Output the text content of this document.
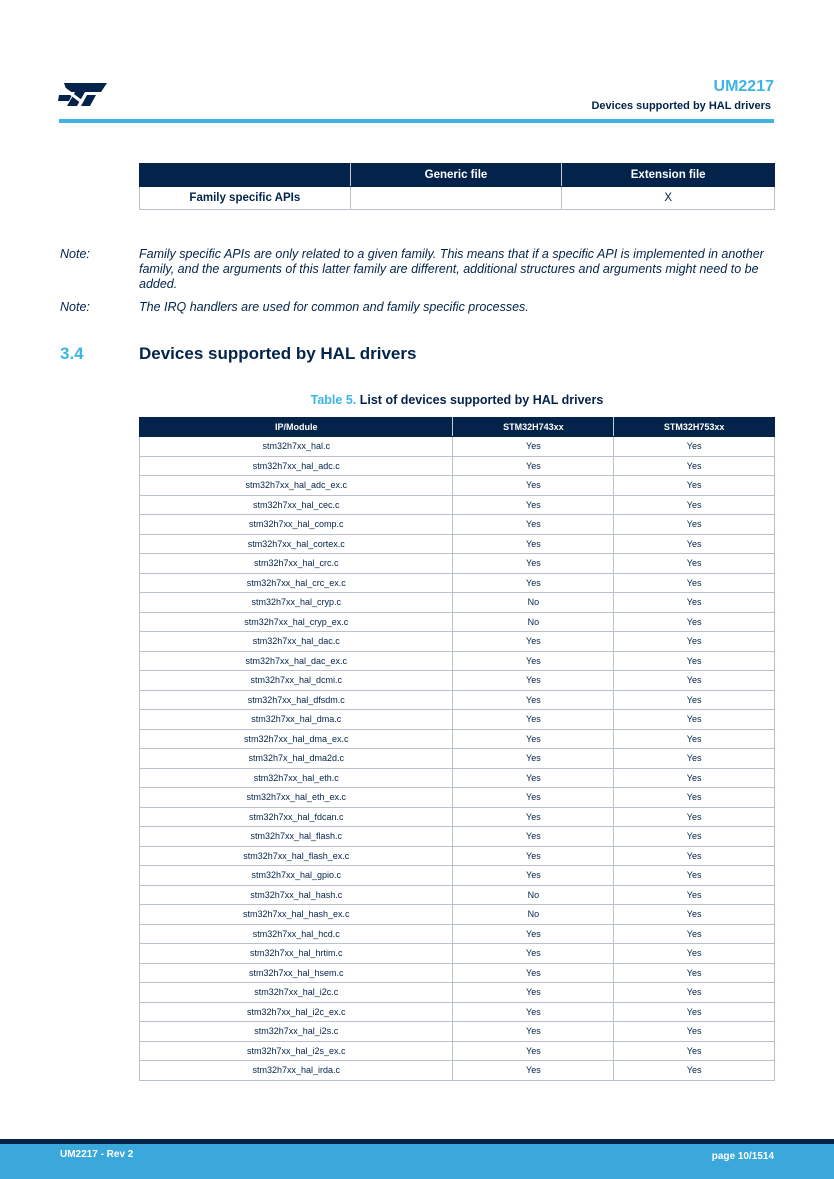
UM2217
Devices supported by HAL drivers
	Generic file	Extension file
Family specific APIs		X
Note:	Family specific APIs are only related to a given family. This means that if a specific API is implemented in another family, and the arguments of this latter family are different, additional structures and arguments might need to be added.
Note:	The IRQ handlers are used for common and family specific processes.
3.4	Devices supported by HAL drivers
Table 5. List of devices supported by HAL drivers
IP/Module	STM32H743xx	STM32H753xx
stm32h7xx_hal.c	Yes	Yes
stm32h7xx_hal_adc.c	Yes	Yes
stm32h7xx_hal_adc_ex.c	Yes	Yes
stm32h7xx_hal_cec.c	Yes	Yes
stm32h7xx_hal_comp.c	Yes	Yes
stm32h7xx_hal_cortex.c	Yes	Yes
stm32h7xx_hal_crc.c	Yes	Yes
stm32h7xx_hal_crc_ex.c	Yes	Yes
stm32h7xx_hal_cryp.c	No	Yes
stm32h7xx_hal_cryp_ex.c	No	Yes
stm32h7xx_hal_dac.c	Yes	Yes
stm32h7xx_hal_dac_ex.c	Yes	Yes
stm32h7xx_hal_dcmi.c	Yes	Yes
stm32h7xx_hal_dfsdm.c	Yes	Yes
stm32h7xx_hal_dma.c	Yes	Yes
stm32h7xx_hal_dma_ex.c	Yes	Yes
stm32h7x_hal_dma2d.c	Yes	Yes
stm32h7xx_hal_eth.c	Yes	Yes
stm32h7xx_hal_eth_ex.c	Yes	Yes
stm32h7xx_hal_fdcan.c	Yes	Yes
stm32h7xx_hal_flash.c	Yes	Yes
stm32h7xx_hal_flash_ex.c	Yes	Yes
stm32h7xx_hal_gpio.c	Yes	Yes
stm32h7xx_hal_hash.c	No	Yes
stm32h7xx_hal_hash_ex.c	No	Yes
stm32h7xx_hal_hcd.c	Yes	Yes
stm32h7xx_hal_hrtim.c	Yes	Yes
stm32h7xx_hal_hsem.c	Yes	Yes
stm32h7xx_hal_i2c.c	Yes	Yes
stm32h7xx_hal_i2c_ex.c	Yes	Yes
stm32h7xx_hal_i2s.c	Yes	Yes
stm32h7xx_hal_i2s_ex.c	Yes	Yes
stm32h7xx_hal_irda.c	Yes	Yes
UM2217 - Rev 2	page 10/1514
